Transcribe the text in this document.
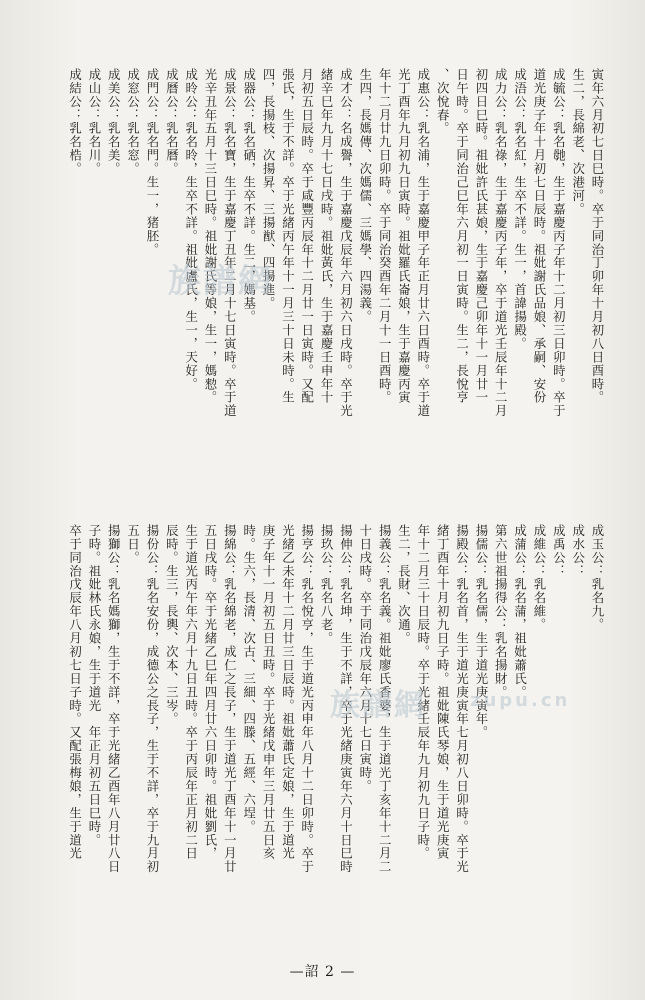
寅年六月初七日巳時。卒于同治丁卯年十月初八日酉時。
生二，長綿老、次港河。
成毓公：乳名毑，生于嘉慶丙子年十二月初三日卯時。卒于
道光庚子年十月初七日辰時。祖妣謝氏品娘、承嗣、安份
成浯公：乳名紅，生卒不詳。生一，首諱揚殿。
成力公：乳名祿，生于嘉慶丙子年，卒于道光壬辰年十二月
初四日巳時。祖妣許氏甚娘，生于嘉慶己卯年十一月廿一
日午時。卒于同治己巳年六月初一日寅時。生二，長悅亨
、次悅春。
成惠公：乳名浦，生于嘉慶甲子年正月廿六日酉時。卒于道
光丁酉年九月初九日寅時。祖妣羅氏崙娘，生于嘉慶丙寅
年十二月廿九日卯時。卒于同治癸酉年二月十一日酉時。
生四，長媽傳、次媽儒、三媽學、四湯義。
成才公：名成譽，生于嘉慶戊辰年六月初六日戌時。卒于光
緒辛巳年九月十七日戌時。祖妣黃氏，生于嘉慶壬申年十
月初五日辰時。卒于咸豐丙辰年十二月廿一日寅時。又配
張氏，生于不詳。卒于光緒丙午年十一月三十日未時。生
四，長揚枝、次揚昇、三揚猷、四揚進。
成器公：乳名硒，生卒不詳。生二，媽基。
成景公：乳名寶，生于嘉慶丁丑年二月十七日寅時。卒于道
光辛丑年五月十三日巳時。祖妣謝氏等娘，生一，媽愸。
成昤公：乳名昤，生卒不詳。祖妣盧氏，生一，天好。
成曆公：乳名曆。
成門公：乳名門。生一，猪胚。
成窓公：乳名窓。
成美公：乳名美。
成山公：乳名川。
成結公：乳名梏。
成玉公：乳名九。
成水公：
成禹公：
成維公：乳名維。
成蒲公：乳名蒲，祖妣蕭氏。
第六世祖揚得公：乳名揚財。
揚儒公：乳名儒，生于道光庚寅年。
揚殿公：乳名首，生于道光庚寅年七月初八日卯時。卒于光
緒丁酉年十月初九日子時。祖妣陳氏琴娘，生于道光庚寅
年十二月三十日辰時。卒于光緒壬辰年九月初九日子時。
生二，長財、次通。
揚義公：乳名義。祖妣廖氏香婆，生于道光丁亥年十二月二
十日戌時。卒于同治戊辰年六月十七日寅時。
揚伸公：乳名坤，生于不詳，卒于光緒庚寅年六月十日巳時
揚玖公：乳名八老。
揚亨公：乳名悅亨，生于道光丙申年八月十二日卯時。卒于
光緒乙未年十二月廿三日辰時。祖妣蕭氏定娘，生于道光
庚子年十一月初五日丑時。卒于光緒戊申年三月廿五日亥
時。生六，長清、次古、三細、四滕、五經、六埕。
揚綿公：乳名綿老，成仁之長子，生于道光丁酉年十一月廿
五日戌時。卒于光緒乙巳年四月廿六日卯時。祖妣劉氏，
生于道光丙午年六月十九日丑時。卒于丙辰年正月初二日
辰時。生三，長輿、次本、三岑。
揚份公：乳名安份，成德公之長子，生于不詳，卒于九月初
五日。
揚獅公：乳名媽獅，生于不詳，卒于光緒乙酉年八月廿八日
子時。祖妣林氏永娘，生于道光　年正月初五日巳時。
卒于同治戊辰年八月初七日子時。又配張梅娘，生于道光
族譜網
族譜網 zupu.cn
—詔 2 —
